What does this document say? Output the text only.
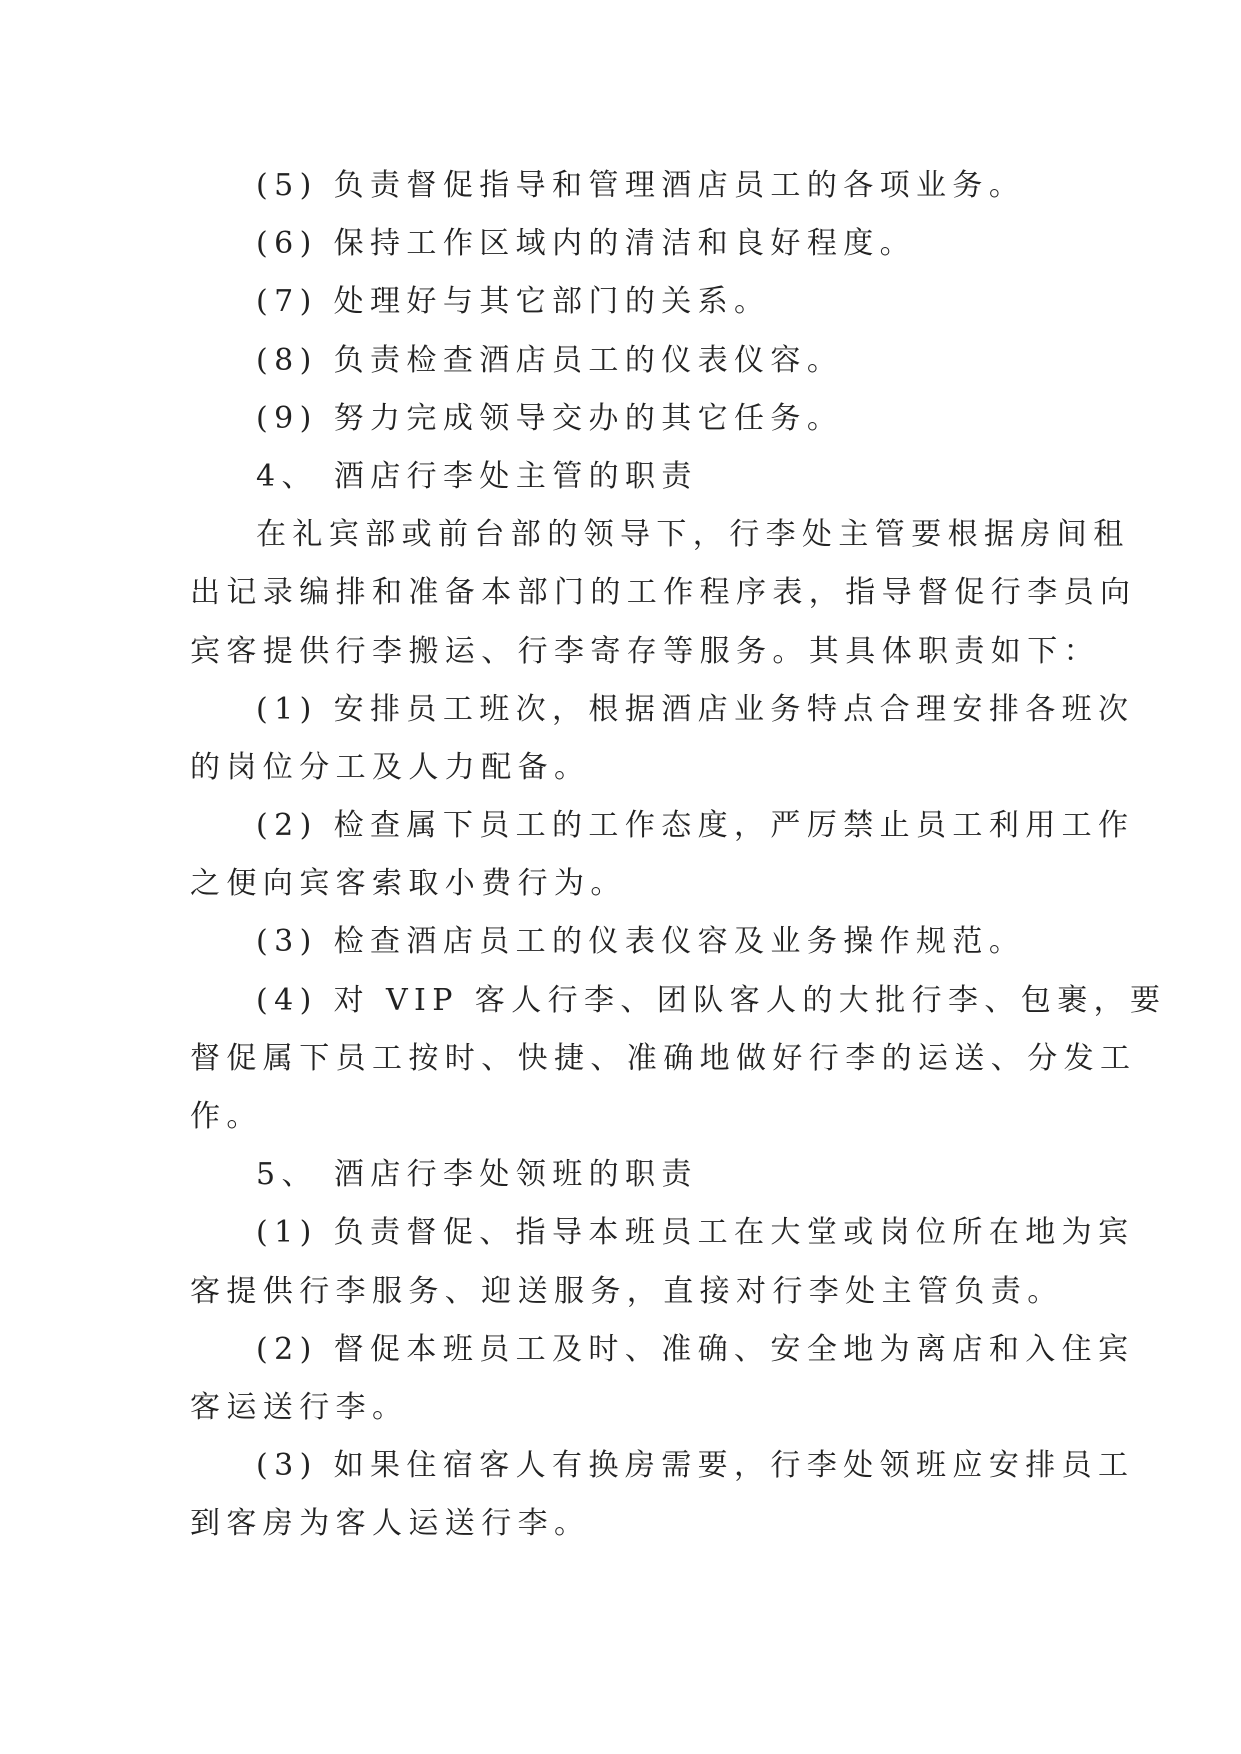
(5) 负责督促指导和管理酒店员工的各项业务。
(6) 保持工作区域内的清洁和良好程度。
(7) 处理好与其它部门的关系。
(8) 负责检查酒店员工的仪表仪容。
(9) 努力完成领导交办的其它任务。
4、 酒店行李处主管的职责
在礼宾部或前台部的领导下，行李处主管要根据房间租
出记录编排和准备本部门的工作程序表，指导督促行李员向
宾客提供行李搬运、行李寄存等服务。其具体职责如下：
(1) 安排员工班次，根据酒店业务特点合理安排各班次
的岗位分工及人力配备。
(2) 检查属下员工的工作态度，严厉禁止员工利用工作
之便向宾客索取小费行为。
(3) 检查酒店员工的仪表仪容及业务操作规范。
(4) 对 VIP 客人行李、团队客人的大批行李、包裹，要
督促属下员工按时、快捷、准确地做好行李的运送、分发工
作。
5、 酒店行李处领班的职责
(1) 负责督促、指导本班员工在大堂或岗位所在地为宾
客提供行李服务、迎送服务，直接对行李处主管负责。
(2) 督促本班员工及时、准确、安全地为离店和入住宾
客运送行李。
(3) 如果住宿客人有换房需要，行李处领班应安排员工
到客房为客人运送行李。
